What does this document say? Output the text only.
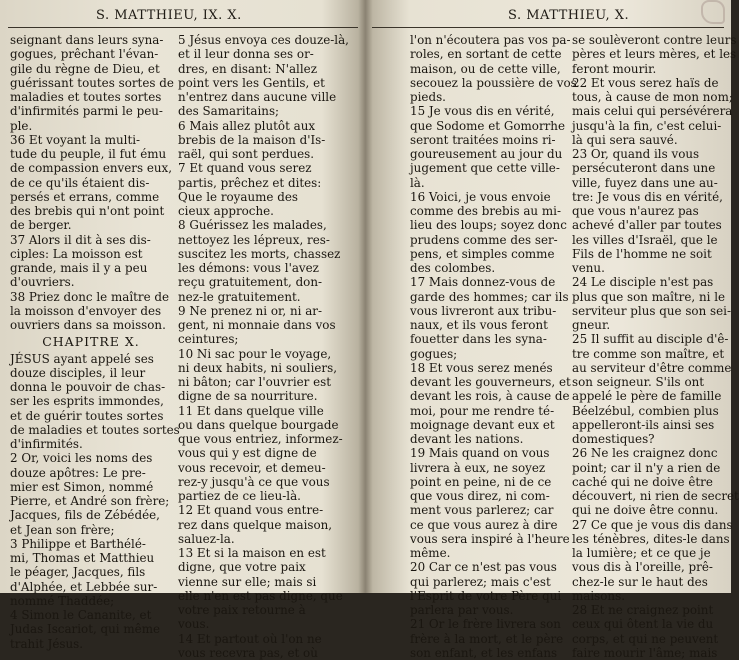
S. MATTHIEU, IX. X.
seignant dans leurs syna-
gogues, prêchant l'évan-
gile du règne de Dieu, et
guérissant toutes sortes de
maladies et toutes sortes
d'infirmités parmi le peu-
ple.
36 Et voyant la multi-
tude du peuple, il fut ému
de compassion envers eux,
de ce qu'ils étaient dis-
persés et errans, comme
des brebis qui n'ont point
de berger.
37 Alors il dit à ses dis-
ciples: La moisson est
grande, mais il y a peu
d'ouvriers.
38 Priez donc le maître de
la moisson d'envoyer des
ouvriers dans sa moisson.
CHAPITRE X.
JÉSUS ayant appelé ses
douze disciples, il leur
donna le pouvoir de chas-
ser les esprits immondes,
et de guérir toutes sortes
de maladies et toutes sortes
d'infirmités.
2 Or, voici les noms des
douze apôtres: Le pre-
mier est Simon, nommé
Pierre, et André son frère;
Jacques, fils de Zébédée,
et Jean son frère;
3 Philippe et Barthélé-
mi, Thomas et Matthieu
le péager, Jacques, fils
d'Alphée, et Lebbée sur-
nommé Thaddée;
4 Simon le Cananite, et
Judas Iscariot, qui même
trahit Jésus.
5 Jésus envoya ces douze-là,
et il leur donna ses or-
dres, en disant: N'allez
point vers les Gentils, et
n'entrez dans aucune ville
des Samaritains;
6 Mais allez plutôt aux
brebis de la maison d'Is-
raël, qui sont perdues.
7 Et quand vous serez
partis, prêchez et dites:
Que le royaume des
cieux approche.
8 Guérissez les malades,
nettoyez les lépreux, res-
suscitez les morts, chassez
les démons: vous l'avez
reçu gratuitement, don-
nez-le gratuitement.
9 Ne prenez ni or, ni ar-
gent, ni monnaie dans vos
ceintures;
10 Ni sac pour le voyage,
ni deux habits, ni souliers,
ni bâton; car l'ouvrier est
digne de sa nourriture.
11 Et dans quelque ville
ou dans quelque bourgade
que vous entriez, informez-
vous qui y est digne de
vous recevoir, et demeu-
rez-y jusqu'à ce que vous
partiez de ce lieu-là.
12 Et quand vous entre-
rez dans quelque maison,
saluez-la.
13 Et si la maison en est
digne, que votre paix
vienne sur elle; mais si
elle n'en est pas digne, que
votre paix retourne à
vous.
14 Et partout où l'on ne
vous recevra pas, et où
S. MATTHIEU, X.
l'on n'écoutera pas vos pa-
roles, en sortant de cette
maison, ou de cette ville,
secouez la poussière de vos
pieds.
15 Je vous dis en vérité,
que Sodome et Gomorrhe
seront traitées moins ri-
goureusement au jour du
jugement que cette ville-
là.
16 Voici, je vous envoie
comme des brebis au mi-
lieu des loups; soyez donc
prudens comme des ser-
pens, et simples comme
des colombes.
17 Mais donnez-vous de
garde des hommes; car ils
vous livreront aux tribu-
naux, et ils vous feront
fouetter dans les syna-
gogues;
18 Et vous serez menés
devant les gouverneurs, et
devant les rois, à cause de
moi, pour me rendre té-
moignage devant eux et
devant les nations.
19 Mais quand on vous
livrera à eux, ne soyez
point en peine, ni de ce
que vous direz, ni com-
ment vous parlerez; car
ce que vous aurez à dire
vous sera inspiré à l'heure
même.
20 Car ce n'est pas vous
qui parlerez; mais c'est
l'Esprit de votre Père qui
parlera par vous.
21 Or le frère livrera son
frère à la mort, et le père
son enfant, et les enfans
se soulèveront contre leurs
pères et leurs mères, et les
feront mourir.
22 Et vous serez haïs de
tous, à cause de mon nom;
mais celui qui persévérera
jusqu'à la fin, c'est celui-
là qui sera sauvé.
23 Or, quand ils vous
persécuteront dans une
ville, fuyez dans une au-
tre: Je vous dis en vérité,
que vous n'aurez pas
achevé d'aller par toutes
les villes d'Israël, que le
Fils de l'homme ne soit
venu.
24 Le disciple n'est pas
plus que son maître, ni le
serviteur plus que son sei-
gneur.
25 Il suffit au disciple d'ê-
tre comme son maître, et
au serviteur d'être comme
son seigneur. S'ils ont
appelé le père de famille
Béelzébul, combien plus
appelleront-ils ainsi ses
domestiques?
26 Ne les craignez donc
point; car il n'y a rien de
caché qui ne doive être
découvert, ni rien de secret
qui ne doive être connu.
27 Ce que je vous dis dans
les ténèbres, dites-le dans
la lumière; et ce que je
vous dis à l'oreille, prê-
chez-le sur le haut des
maisons.
28 Et ne craignez point
ceux qui ôtent la vie du
corps, et qui ne peuvent
faire mourir l'âme; mais
